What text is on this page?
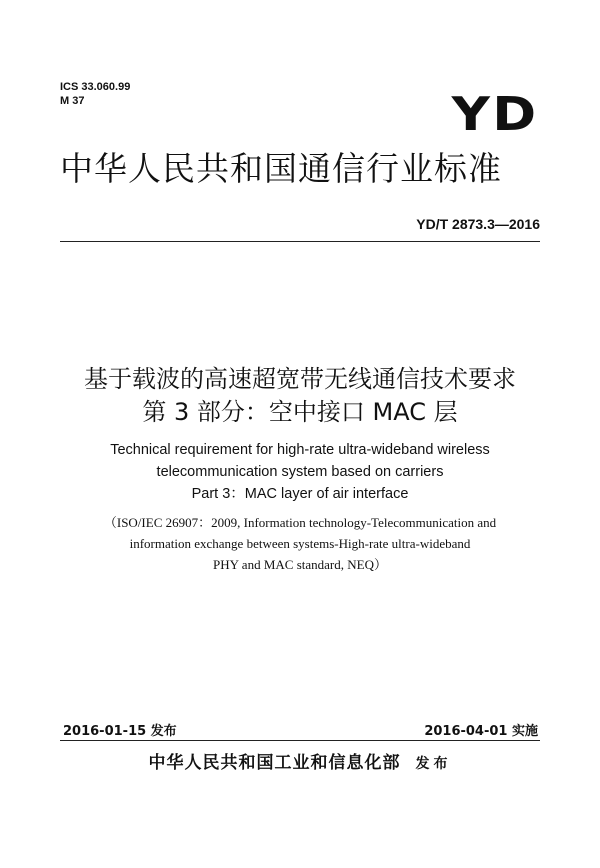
ICS 33.060.99
M 37	YD
中华人民共和国通信行业标准
YD/T 2873.3—2016
基于载波的高速超宽带无线通信技术要求
第 3 部分：空中接口 MAC 层
Technical requirement for high-rate ultra-wideband wireless
telecommunication system based on carriers
Part 3：MAC layer of air interface
（ISO/IEC 26907：2009, Information technology-Telecommunication and
information exchange between systems-High-rate ultra-wideband
PHY and MAC standard, NEQ）
2016-01-15 发布	2016-04-01 实施
中华人民共和国工业和信息化部 发布
